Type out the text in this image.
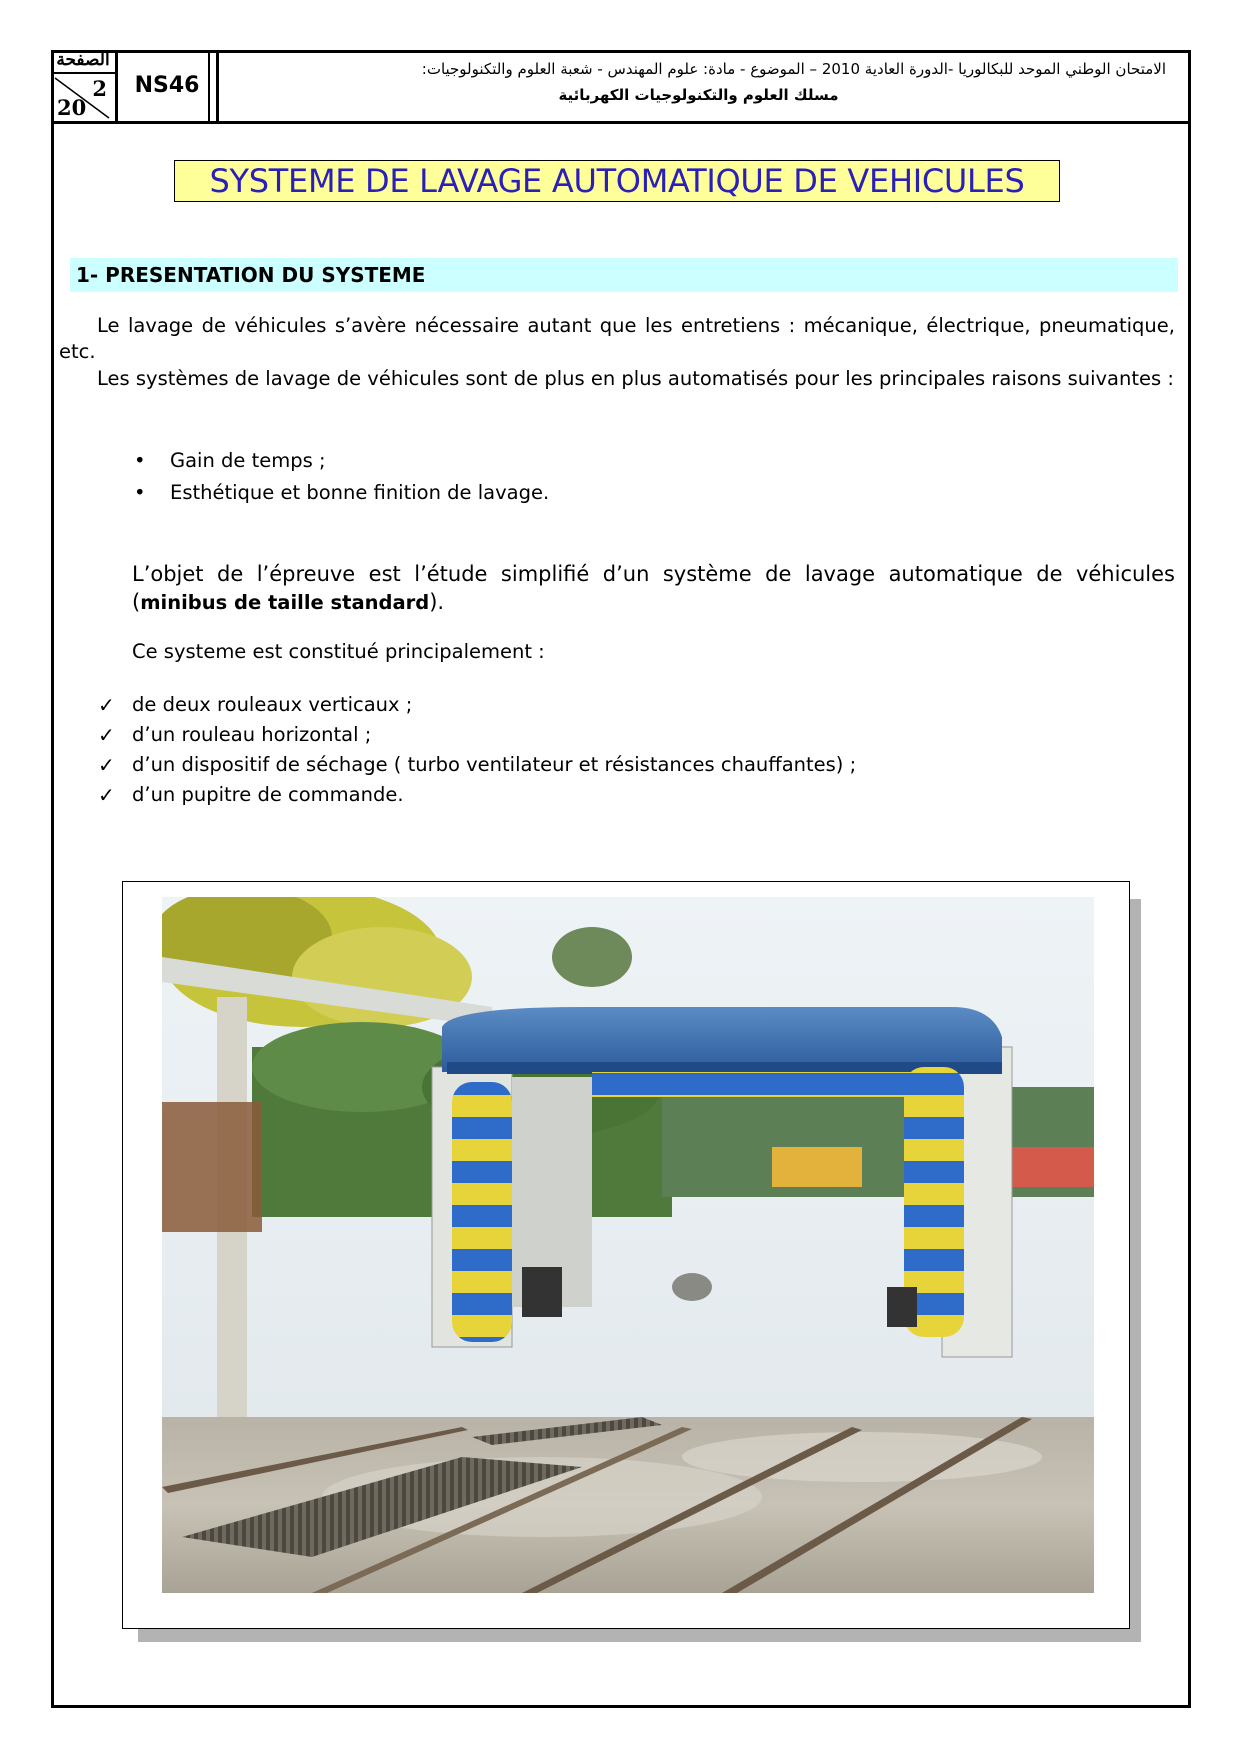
الصفحة
2
20
NS46
الامتحان الوطني الموحد للبكالوريا -الدورة العادية 2010 – الموضوع - مادة: علوم المهندس - شعبة العلوم والتكنولوجيات:
مسلك العلوم والتكنولوجيات الكهربائية
SYSTEME DE LAVAGE AUTOMATIQUE DE VEHICULES
1- PRESENTATION DU SYSTEME
Le lavage de véhicules s’avère nécessaire autant que les entretiens : mécanique, électrique, pneumatique, etc.
Les systèmes de lavage de véhicules sont de plus en plus automatisés pour les principales raisons suivantes :
• Gain de temps ;
• Esthétique et bonne finition de lavage.
L’objet de l’épreuve est l’étude simplifié d’un système de lavage automatique de véhicules (minibus de taille standard).
Ce systeme est constitué principalement :
✓ de deux rouleaux verticaux ;
✓ d’un rouleau horizontal ;
✓ d’un dispositif de séchage ( turbo ventilateur et résistances chauffantes) ;
✓ d’un pupitre de commande.
